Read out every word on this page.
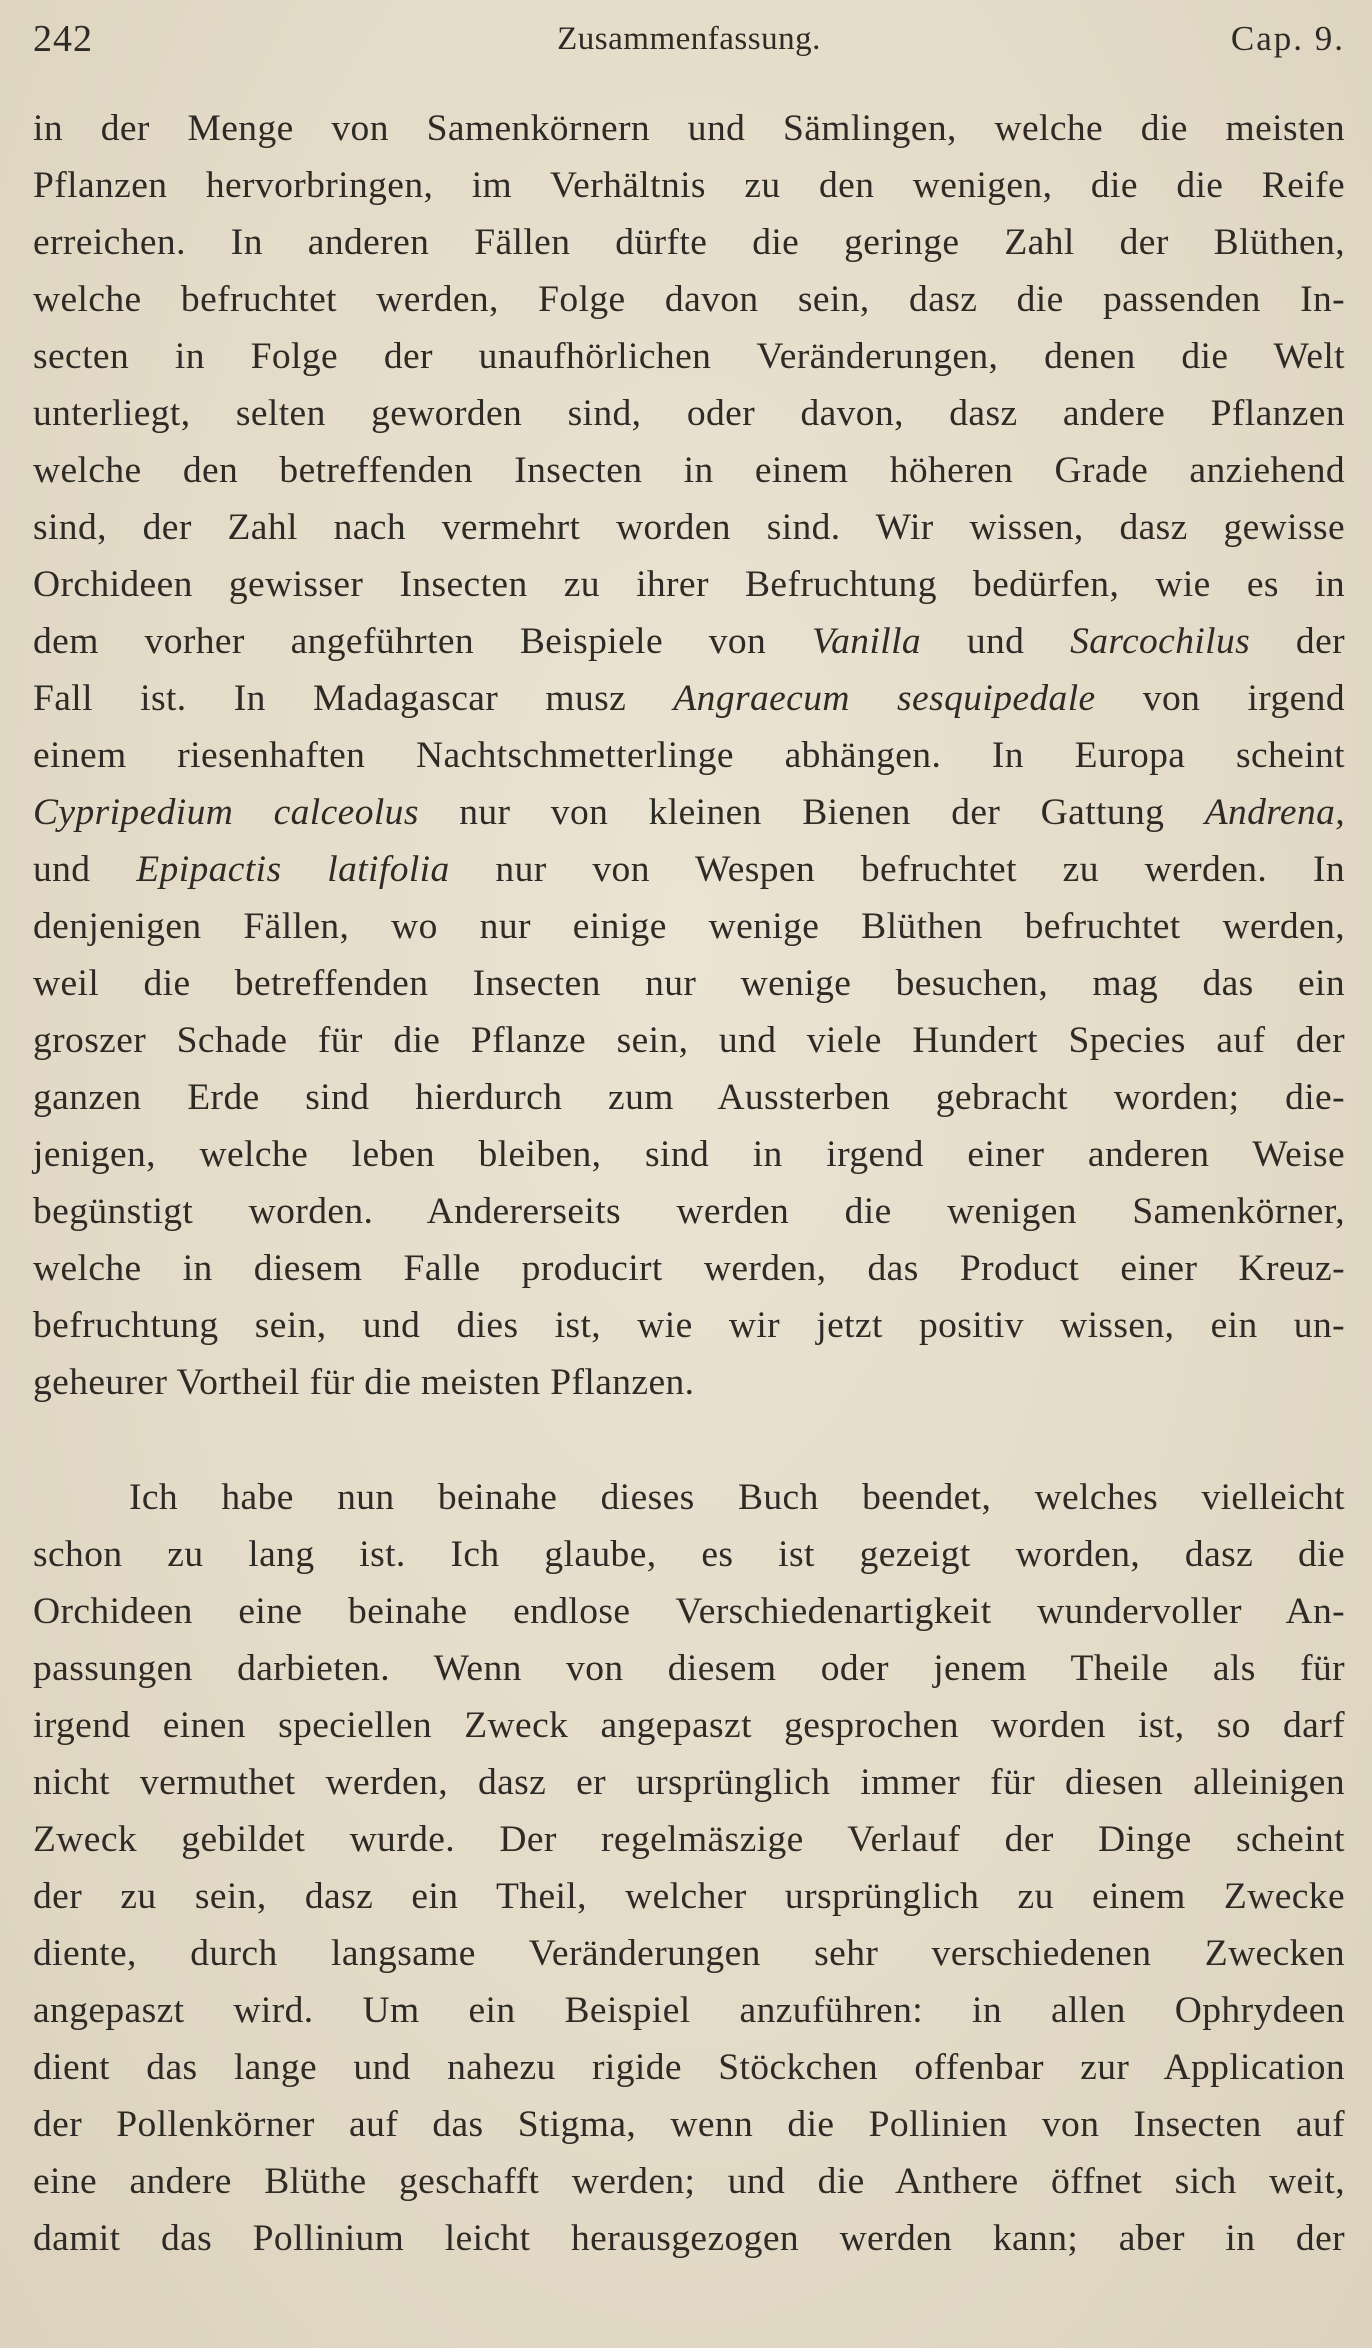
242	Zusammenfassung.	Cap. 9.
in der Menge von Samenkörnern und Sämlingen, welche die meisten
Pflanzen hervorbringen, im Verhältnis zu den wenigen, die die Reife
erreichen. In anderen Fällen dürfte die geringe Zahl der Blüthen,
welche befruchtet werden, Folge davon sein, dasz die passenden In-
secten in Folge der unaufhörlichen Veränderungen, denen die Welt
unterliegt, selten geworden sind, oder davon, dasz andere Pflanzen
welche den betreffenden Insecten in einem höheren Grade anziehend
sind, der Zahl nach vermehrt worden sind. Wir wissen, dasz gewisse
Orchideen gewisser Insecten zu ihrer Befruchtung bedürfen, wie es in
dem vorher angeführten Beispiele von Vanilla und Sarcochilus der
Fall ist. In Madagascar musz Angraecum sesquipedale von irgend
einem riesenhaften Nachtschmetterlinge abhängen. In Europa scheint
Cypripedium calceolus nur von kleinen Bienen der Gattung Andrena,
und Epipactis latifolia nur von Wespen befruchtet zu werden. In
denjenigen Fällen, wo nur einige wenige Blüthen befruchtet werden,
weil die betreffenden Insecten nur wenige besuchen, mag das ein
groszer Schade für die Pflanze sein, und viele Hundert Species auf der
ganzen Erde sind hierdurch zum Aussterben gebracht worden; die-
jenigen, welche leben bleiben, sind in irgend einer anderen Weise
begünstigt worden. Andererseits werden die wenigen Samenkörner,
welche in diesem Falle producirt werden, das Product einer Kreuz-
befruchtung sein, und dies ist, wie wir jetzt positiv wissen, ein un-
geheurer Vortheil für die meisten Pflanzen.
Ich habe nun beinahe dieses Buch beendet, welches vielleicht
schon zu lang ist. Ich glaube, es ist gezeigt worden, dasz die
Orchideen eine beinahe endlose Verschiedenartigkeit wundervoller An-
passungen darbieten. Wenn von diesem oder jenem Theile als für
irgend einen speciellen Zweck angepaszt gesprochen worden ist, so darf
nicht vermuthet werden, dasz er ursprünglich immer für diesen alleinigen
Zweck gebildet wurde. Der regelmäszige Verlauf der Dinge scheint
der zu sein, dasz ein Theil, welcher ursprünglich zu einem Zwecke
diente, durch langsame Veränderungen sehr verschiedenen Zwecken
angepaszt wird. Um ein Beispiel anzuführen: in allen Ophrydeen
dient das lange und nahezu rigide Stöckchen offenbar zur Application
der Pollenkörner auf das Stigma, wenn die Pollinien von Insecten auf
eine andere Blüthe geschafft werden; und die Anthere öffnet sich weit,
damit das Pollinium leicht herausgezogen werden kann; aber in der
